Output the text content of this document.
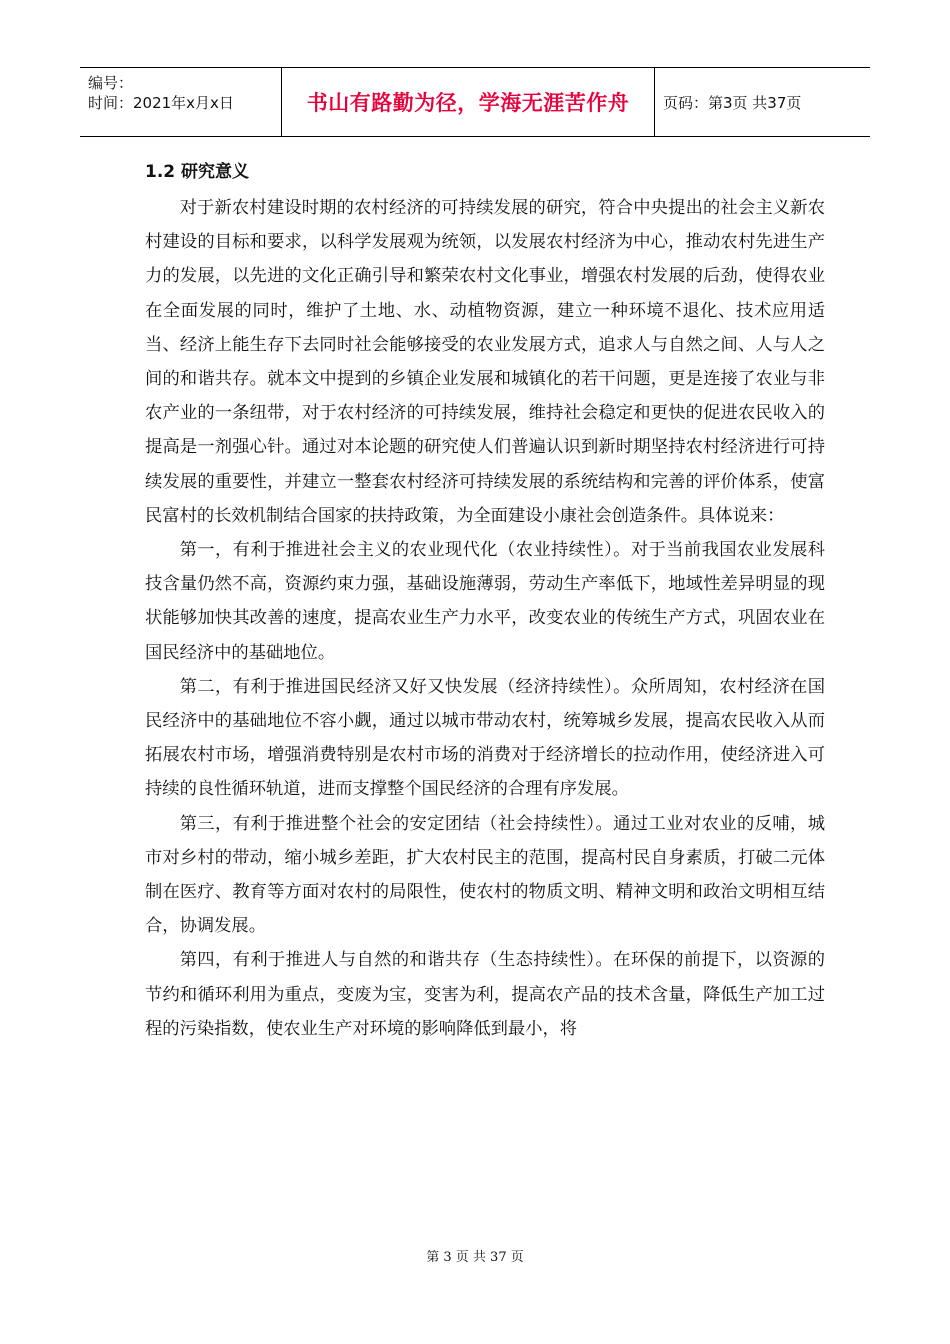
编号：
时间：2021年x月x日	书山有路勤为径，学海无涯苦作舟	页码：第3页 共37页
1.2 研究意义

对于新农村建设时期的农村经济的可持续发展的研究，符合中央提出的社会主义新农村建设的目标和要求，以科学发展观为统领，以发展农村经济为中心，推动农村先进生产力的发展，以先进的文化正确引导和繁荣农村文化事业，增强农村发展的后劲，使得农业在全面发展的同时，维护了土地、水、动植物资源，建立一种环境不退化、技术应用适当、经济上能生存下去同时社会能够接受的农业发展方式，追求人与自然之间、人与人之间的和谐共存。就本文中提到的乡镇企业发展和城镇化的若干问题，更是连接了农业与非农产业的一条纽带，对于农村经济的可持续发展，维持社会稳定和更快的促进农民收入的提高是一剂强心针。通过对本论题的研究使人们普遍认识到新时期坚持农村经济进行可持续发展的重要性，并建立一整套农村经济可持续发展的系统结构和完善的评价体系，使富民富村的长效机制结合国家的扶持政策，为全面建设小康社会创造条件。具体说来：

第一，有利于推进社会主义的农业现代化（农业持续性）。对于当前我国农业发展科技含量仍然不高，资源约束力强，基础设施薄弱，劳动生产率低下，地域性差异明显的现状能够加快其改善的速度，提高农业生产力水平，改变农业的传统生产方式，巩固农业在国民经济中的基础地位。

第二，有利于推进国民经济又好又快发展（经济持续性）。众所周知，农村经济在国民经济中的基础地位不容小觑，通过以城市带动农村，统筹城乡发展，提高农民收入从而拓展农村市场，增强消费特别是农村市场的消费对于经济增长的拉动作用，使经济进入可持续的良性循环轨道，进而支撑整个国民经济的合理有序发展。

第三，有利于推进整个社会的安定团结（社会持续性）。通过工业对农业的反哺，城市对乡村的带动，缩小城乡差距，扩大农村民主的范围，提高村民自身素质，打破二元体制在医疗、教育等方面对农村的局限性，使农村的物质文明、精神文明和政治文明相互结合，协调发展。

第四，有利于推进人与自然的和谐共存（生态持续性）。在环保的前提下，以资源的节约和循环利用为重点，变废为宝，变害为利，提高农产品的技术含量，降低生产加工过程的污染指数，使农业生产对环境的影响降低到最小，将

第 3 页 共 37 页
